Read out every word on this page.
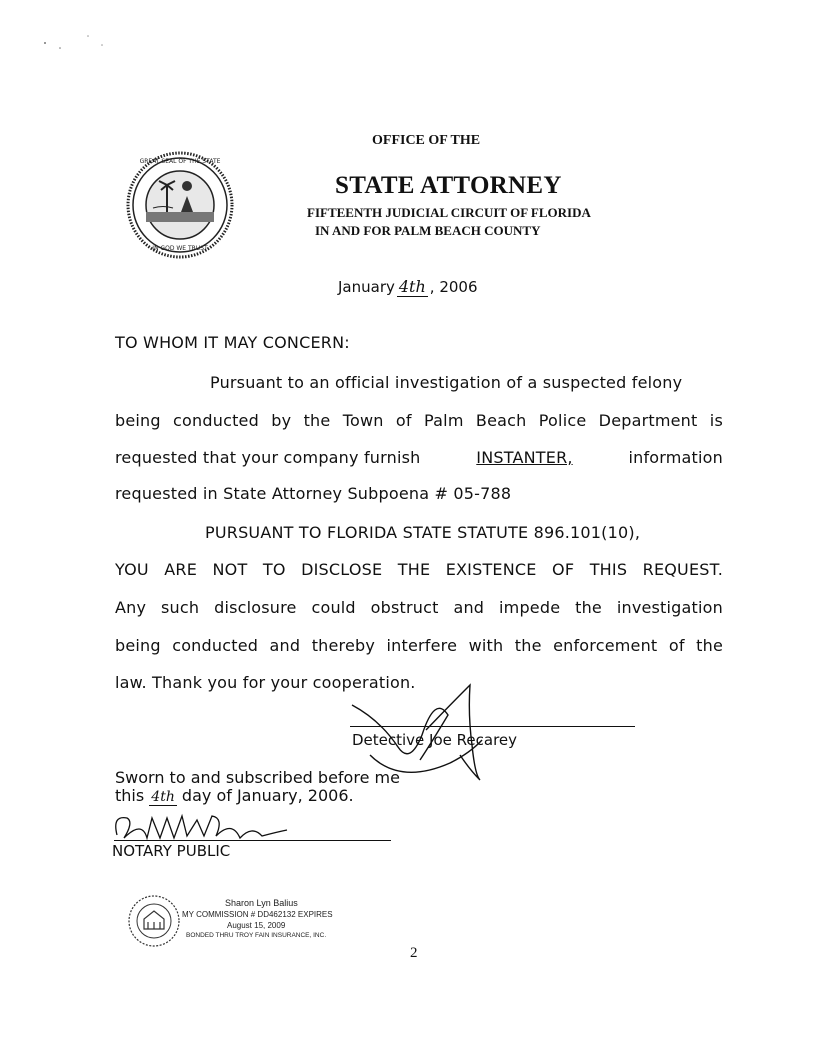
GREAT SEAL OF THE STATE
IN GOD WE TRUST
OFFICE OF THE
STATE ATTORNEY
FIFTEENTH JUDICIAL CIRCUIT OF FLORIDA
IN AND FOR PALM BEACH COUNTY
January 4th , 2006
TO WHOM IT MAY CONCERN:
Pursuant to an official investigation of a suspected felony
being conducted by the Town of Palm Beach Police Department is
requested that your company furnish	INSTANTER,	information
requested in State Attorney Subpoena # 05-788
PURSUANT TO FLORIDA STATE STATUTE 896.101(10),
YOU ARE NOT TO DISCLOSE THE EXISTENCE OF THIS REQUEST.
Any such disclosure could obstruct and impede the investigation
being conducted and thereby interfere with the enforcement of the
law. Thank you for your cooperation.
Detective Joe Recarey
Sworn to and subscribed before me
this 4th day of January, 2006.
NOTARY PUBLIC
Sharon Lyn Balius
MY COMMISSION # DD462132 EXPIRES
August 15, 2009
BONDED THRU TROY FAIN INSURANCE, INC.
2
